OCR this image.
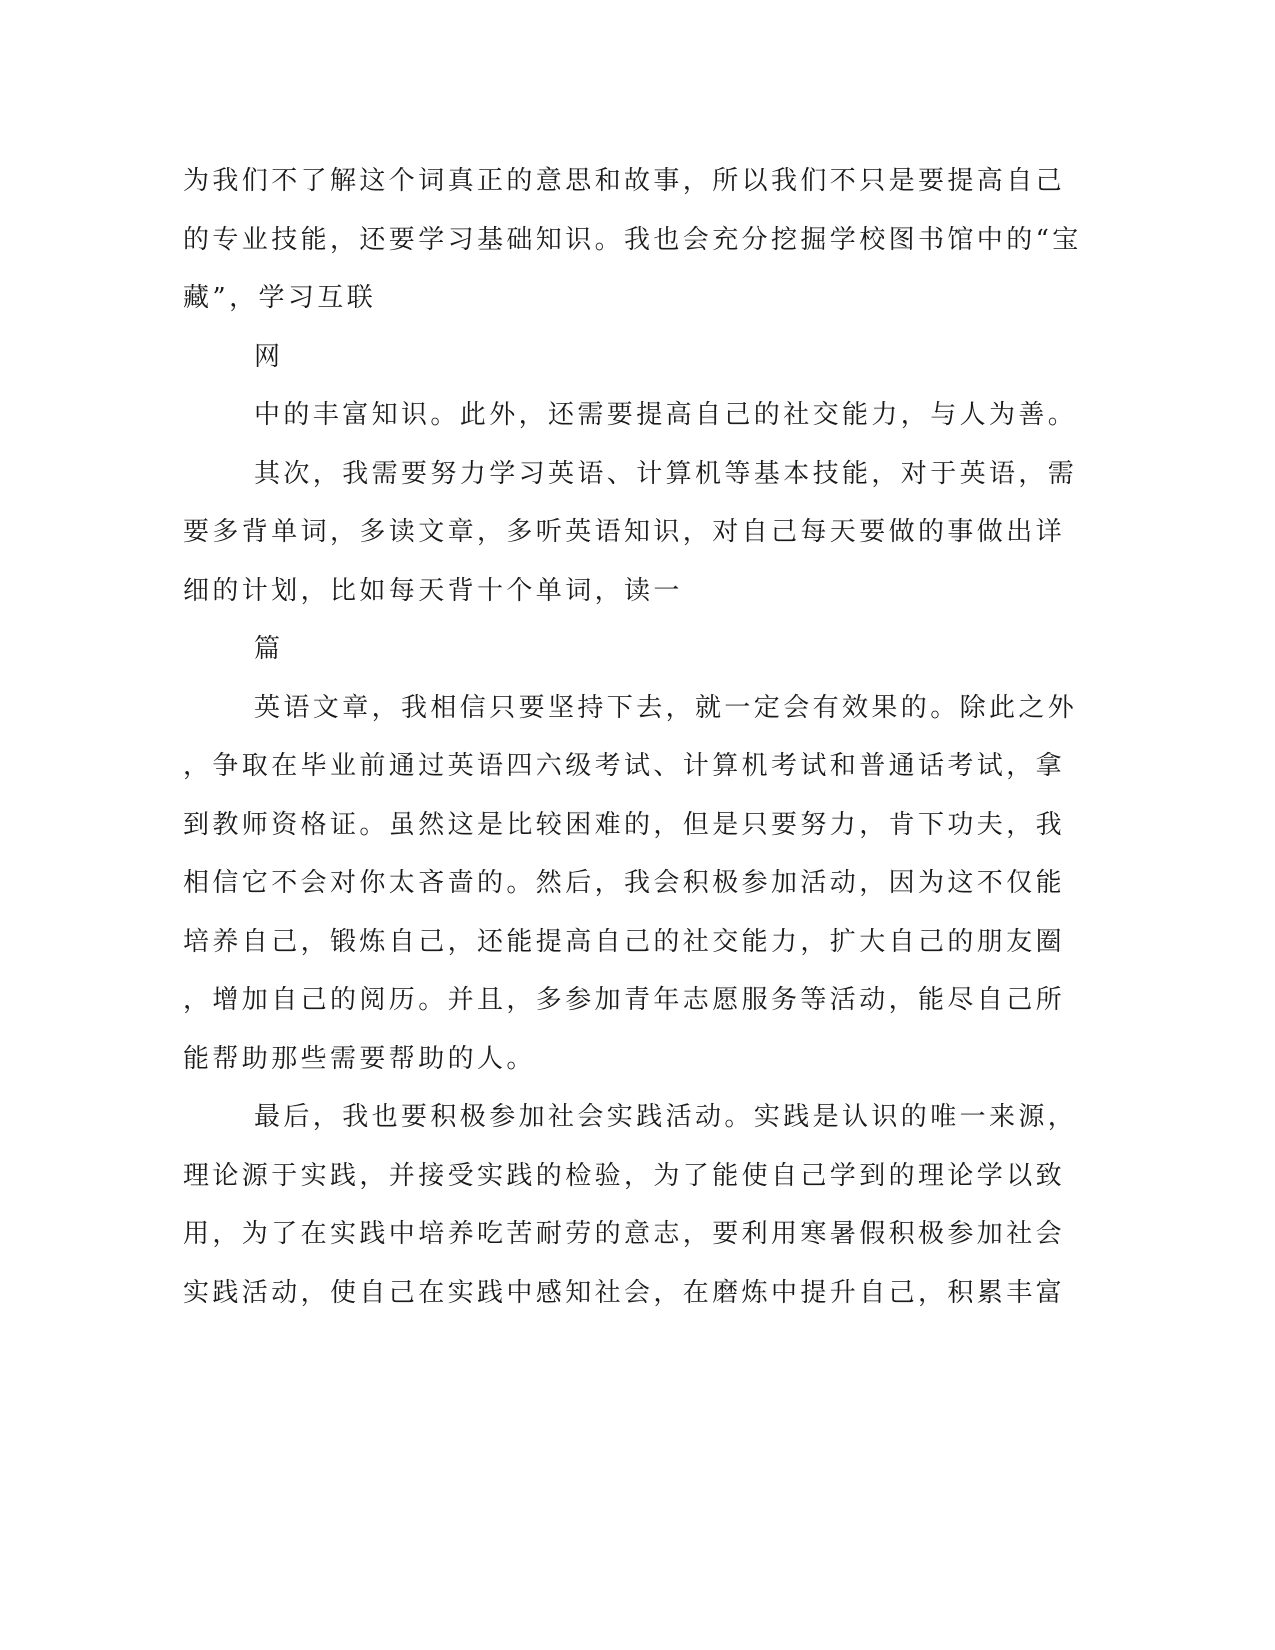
为我们不了解这个词真正的意思和故事，所以我们不只是要提高自己
的专业技能，还要学习基础知识。我也会充分挖掘学校图书馆中的“宝
藏”，学习互联
网
中的丰富知识。此外，还需要提高自己的社交能力，与人为善。
其次，我需要努力学习英语、计算机等基本技能，对于英语，需
要多背单词，多读文章，多听英语知识，对自己每天要做的事做出详
细的计划，比如每天背十个单词，读一
篇
英语文章，我相信只要坚持下去，就一定会有效果的。除此之外
，争取在毕业前通过英语四六级考试、计算机考试和普通话考试，拿
到教师资格证。虽然这是比较困难的，但是只要努力，肯下功夫，我
相信它不会对你太吝啬的。然后，我会积极参加活动，因为这不仅能
培养自己，锻炼自己，还能提高自己的社交能力，扩大自己的朋友圈
，增加自己的阅历。并且，多参加青年志愿服务等活动，能尽自己所
能帮助那些需要帮助的人。
最后，我也要积极参加社会实践活动。实践是认识的唯一来源，
理论源于实践，并接受实践的检验，为了能使自己学到的理论学以致
用，为了在实践中培养吃苦耐劳的意志，要利用寒暑假积极参加社会
实践活动，使自己在实践中感知社会，在磨炼中提升自己，积累丰富
